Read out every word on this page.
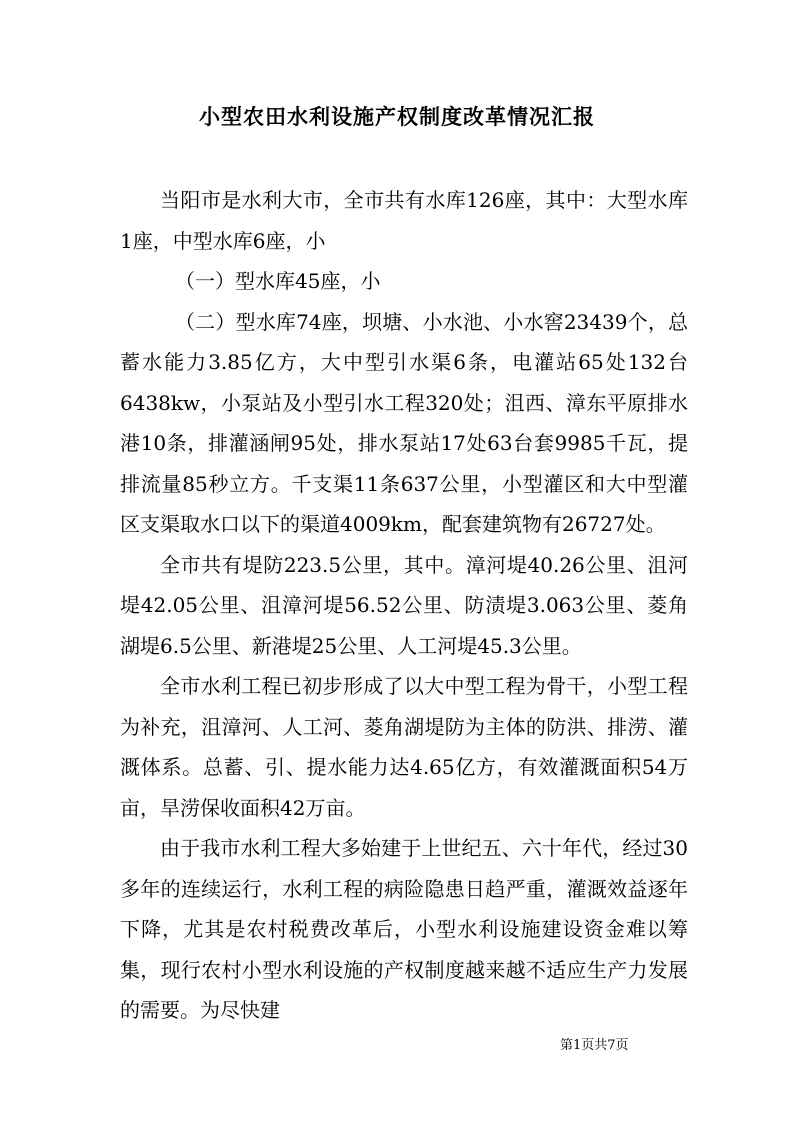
小型农田水利设施产权制度改革情况汇报

当阳市是水利大市，全市共有水库126座，其中：大型水库1座，中型水库6座，小

（一）型水库45座，小

（二）型水库74座，坝塘、小水池、小水窖23439个，总蓄水能力3.85亿方，大中型引水渠6条，电灌站65处132台6438kw，小泵站及小型引水工程320处；沮西、漳东平原排水港10条，排灌涵闸95处，排水泵站17处63台套9985千瓦，提排流量85秒立方。千支渠11条637公里，小型灌区和大中型灌区支渠取水口以下的渠道4009km，配套建筑物有26727处。

全市共有堤防223.5公里，其中。漳河堤40.26公里、沮河堤42.05公里、沮漳河堤56.52公里、防渍堤3.063公里、菱角湖堤6.5公里、新港堤25公里、人工河堤45.3公里。

全市水利工程已初步形成了以大中型工程为骨干，小型工程为补充，沮漳河、人工河、菱角湖堤防为主体的防洪、排涝、灌溉体系。总蓄、引、提水能力达4.65亿方，有效灌溉面积54万亩，旱涝保收面积42万亩。

由于我市水利工程大多始建于上世纪五、六十年代，经过30多年的连续运行，水利工程的病险隐患日趋严重，灌溉效益逐年下降，尤其是农村税费改革后，小型水利设施建设资金难以筹集，现行农村小型水利设施的产权制度越来越不适应生产力发展的需要。为尽快建

第1页共7页
